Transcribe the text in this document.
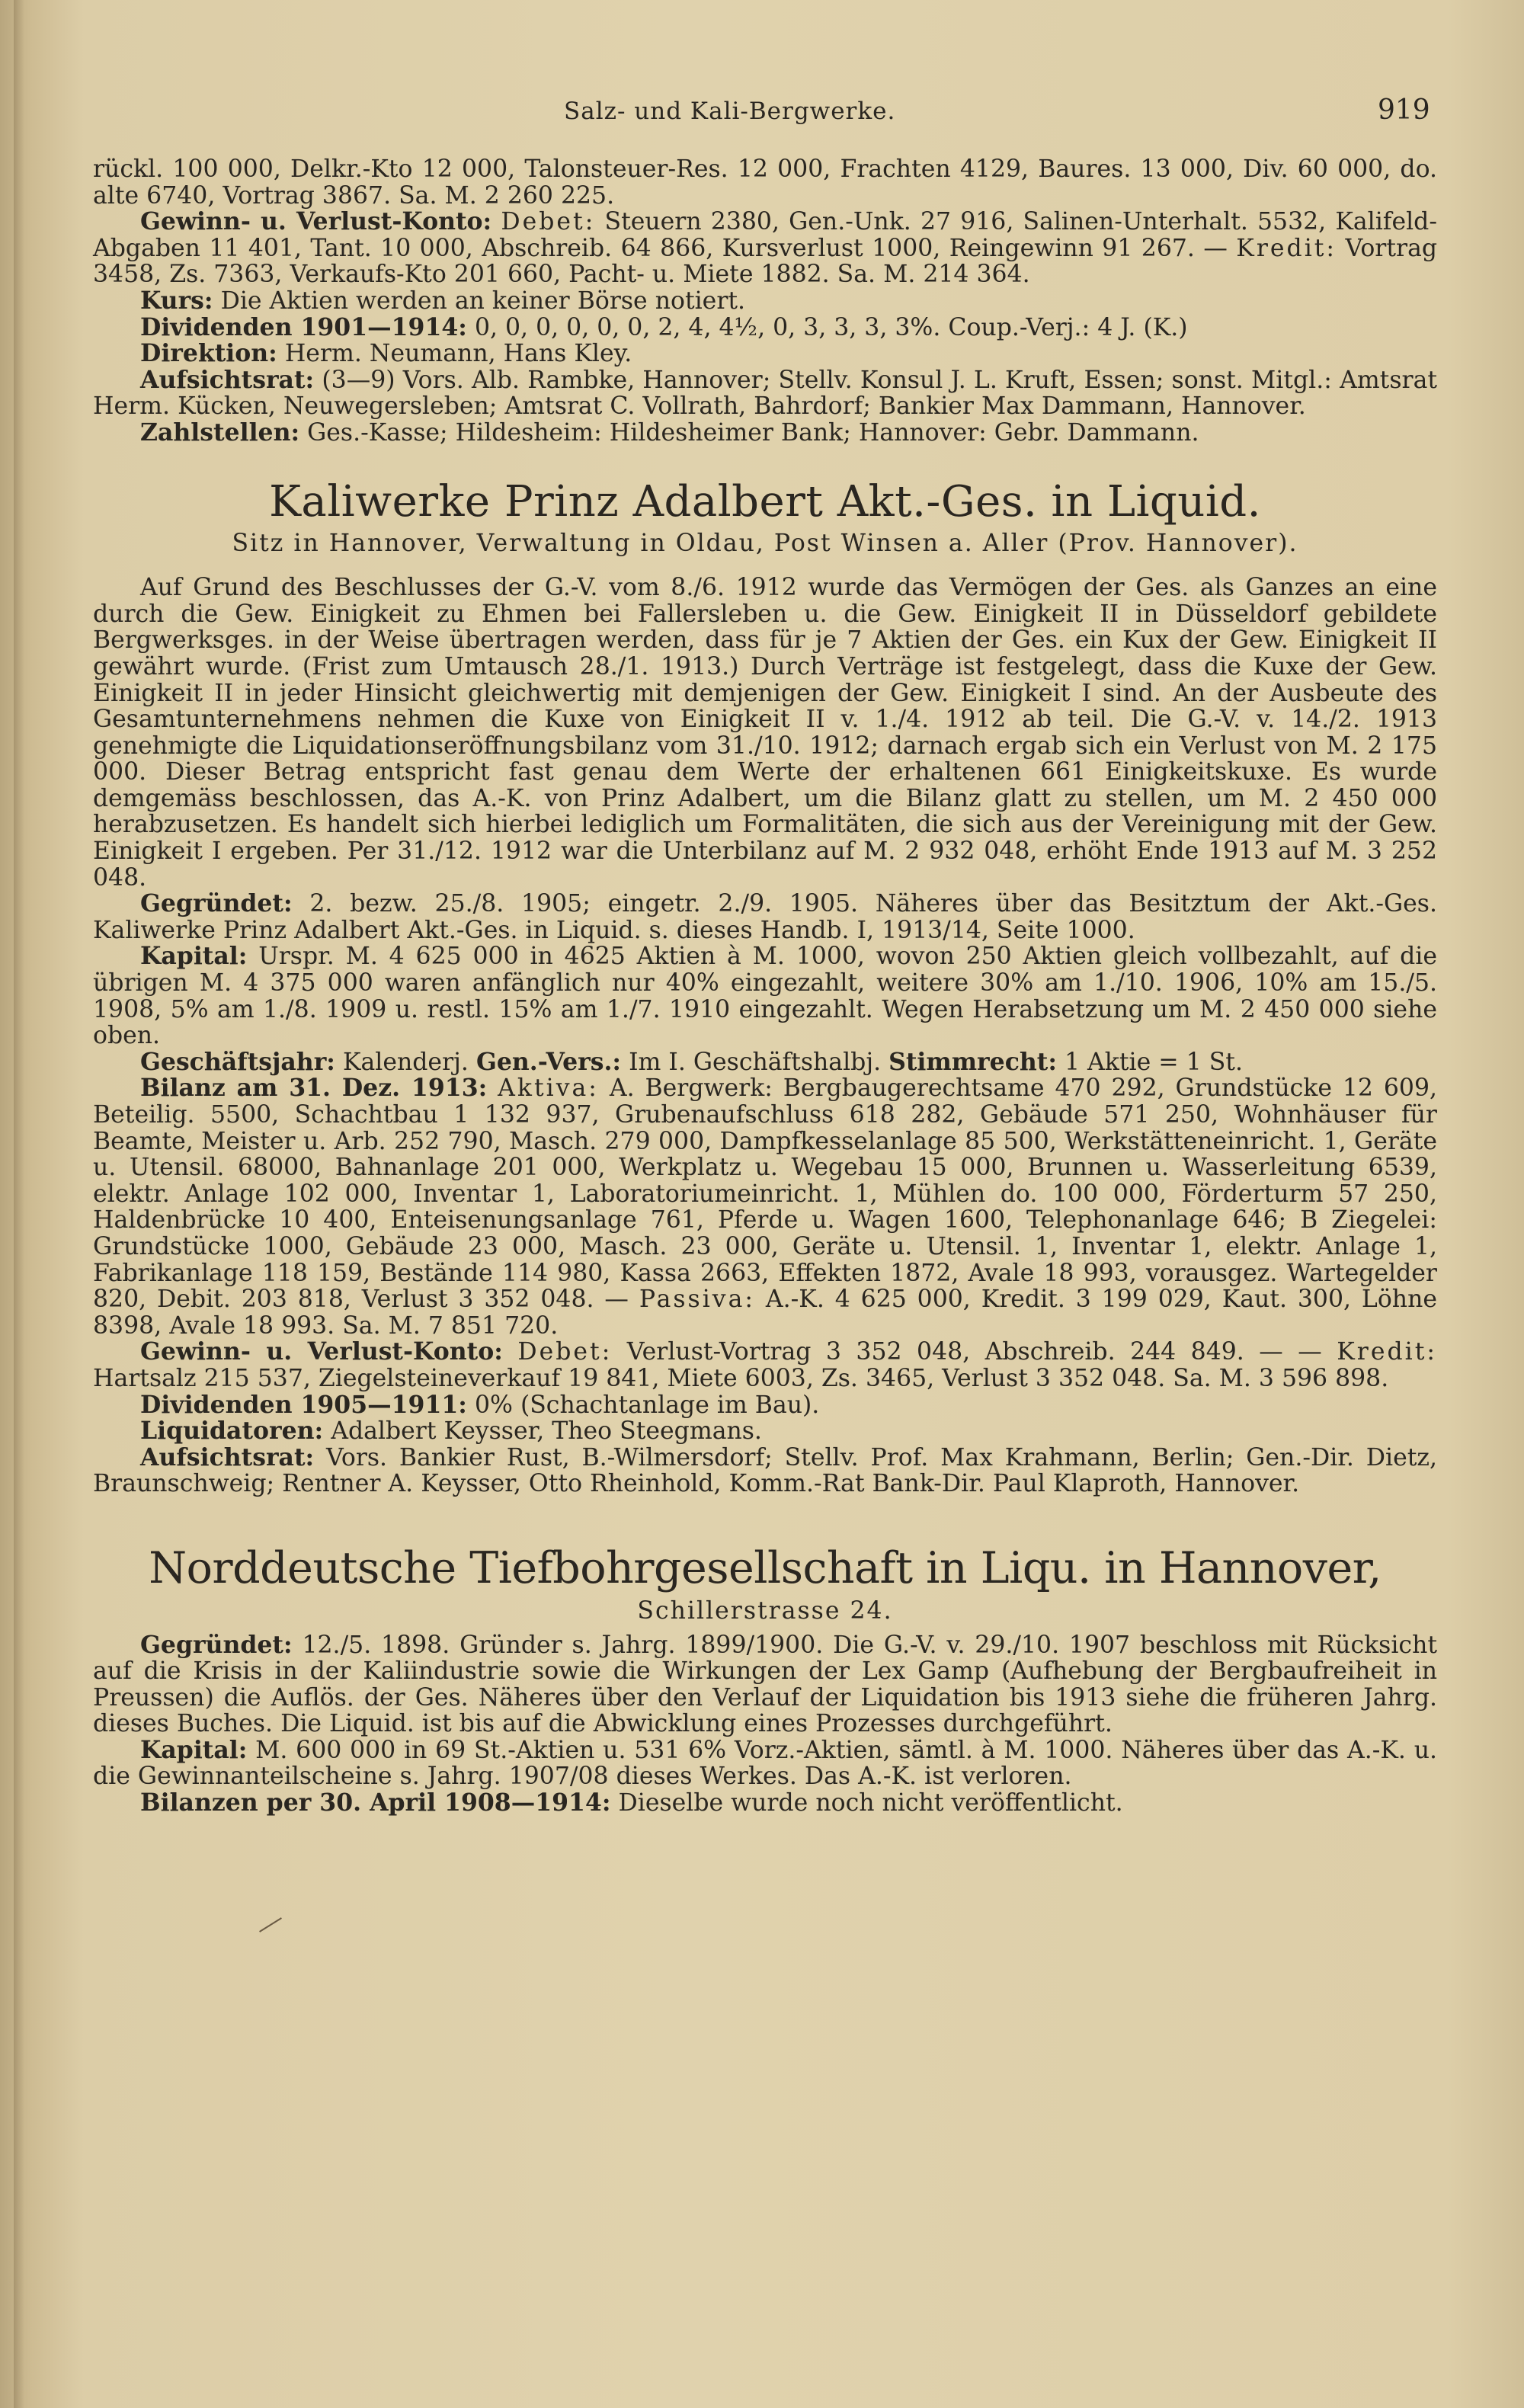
Salz- und Kali-Bergwerke.	919

rückl. 100 000, Delkr.-Kto 12 000, Talonsteuer-Res. 12 000, Frachten 4129, Baures. 13 000, Div. 60 000, do. alte 6740, Vortrag 3867. Sa. M. 2 260 225.

Gewinn- u. Verlust-Konto: Debet: Steuern 2380, Gen.-Unk. 27 916, Salinen-Unterhalt. 5532, Kalifeld-Abgaben 11 401, Tant. 10 000, Abschreib. 64 866, Kursverlust 1000, Reingewinn 91 267. — Kredit: Vortrag 3458, Zs. 7363, Verkaufs-Kto 201 660, Pacht- u. Miete 1882. Sa. M. 214 364.

Kurs: Die Aktien werden an keiner Börse notiert.

Dividenden 1901—1914: 0, 0, 0, 0, 0, 0, 2, 4, 4½, 0, 3, 3, 3, 3%. Coup.-Verj.: 4 J. (K.)

Direktion: Herm. Neumann, Hans Kley.

Aufsichtsrat: (3—9) Vors. Alb. Rambke, Hannover; Stellv. Konsul J. L. Kruft, Essen; sonst. Mitgl.: Amtsrat Herm. Kücken, Neuwegersleben; Amtsrat C. Vollrath, Bahrdorf; Bankier Max Dammann, Hannover.

Zahlstellen: Ges.-Kasse; Hildesheim: Hildesheimer Bank; Hannover: Gebr. Dammann.

Kaliwerke Prinz Adalbert Akt.-Ges. in Liquid.
Sitz in Hannover, Verwaltung in Oldau, Post Winsen a. Aller (Prov. Hannover).

Auf Grund des Beschlusses der G.-V. vom 8./6. 1912 wurde das Vermögen der Ges. als Ganzes an eine durch die Gew. Einigkeit zu Ehmen bei Fallersleben u. die Gew. Einigkeit II in Düsseldorf gebildete Bergwerksges. in der Weise übertragen werden, dass für je 7 Aktien der Ges. ein Kux der Gew. Einigkeit II gewährt wurde. (Frist zum Umtausch 28./1. 1913.) Durch Verträge ist festgelegt, dass die Kuxe der Gew. Einigkeit II in jeder Hinsicht gleichwertig mit demjenigen der Gew. Einigkeit I sind. An der Ausbeute des Gesamtunternehmens nehmen die Kuxe von Einigkeit II v. 1./4. 1912 ab teil. Die G.-V. v. 14./2. 1913 genehmigte die Liquidationseröffnungsbilanz vom 31./10. 1912; darnach ergab sich ein Verlust von M. 2 175 000. Dieser Betrag entspricht fast genau dem Werte der erhaltenen 661 Einigkeitskuxe. Es wurde demgemäss beschlossen, das A.-K. von Prinz Adalbert, um die Bilanz glatt zu stellen, um M. 2 450 000 herabzusetzen. Es handelt sich hierbei lediglich um Formalitäten, die sich aus der Vereinigung mit der Gew. Einigkeit I ergeben. Per 31./12. 1912 war die Unterbilanz auf M. 2 932 048, erhöht Ende 1913 auf M. 3 252 048.

Gegründet: 2. bezw. 25./8. 1905; eingetr. 2./9. 1905. Näheres über das Besitztum der Akt.-Ges. Kaliwerke Prinz Adalbert Akt.-Ges. in Liquid. s. dieses Handb. I, 1913/14, Seite 1000.

Kapital: Urspr. M. 4 625 000 in 4625 Aktien à M. 1000, wovon 250 Aktien gleich vollbezahlt, auf die übrigen M. 4 375 000 waren anfänglich nur 40% eingezahlt, weitere 30% am 1./10. 1906, 10% am 15./5. 1908, 5% am 1./8. 1909 u. restl. 15% am 1./7. 1910 eingezahlt. Wegen Herabsetzung um M. 2 450 000 siehe oben.

Geschäftsjahr: Kalenderj. Gen.-Vers.: Im I. Geschäftshalbj. Stimmrecht: 1 Aktie = 1 St.

Bilanz am 31. Dez. 1913: Aktiva: A. Bergwerk: Bergbaugerechtsame 470 292, Grundstücke 12 609, Beteilig. 5500, Schachtbau 1 132 937, Grubenaufschluss 618 282, Gebäude 571 250, Wohnhäuser für Beamte, Meister u. Arb. 252 790, Masch. 279 000, Dampfkesselanlage 85 500, Werkstätteneinricht. 1, Geräte u. Utensil. 68000, Bahnanlage 201 000, Werkplatz u. Wegebau 15 000, Brunnen u. Wasserleitung 6539, elektr. Anlage 102 000, Inventar 1, Laboratoriumeinricht. 1, Mühlen do. 100 000, Förderturm 57 250, Haldenbrücke 10 400, Enteisenungsanlage 761, Pferde u. Wagen 1600, Telephonanlage 646; B Ziegelei: Grundstücke 1000, Gebäude 23 000, Masch. 23 000, Geräte u. Utensil. 1, Inventar 1, elektr. Anlage 1, Fabrikanlage 118 159, Bestände 114 980, Kassa 2663, Effekten 1872, Avale 18 993, vorausgez. Wartegelder 820, Debit. 203 818, Verlust 3 352 048. — Passiva: A.-K. 4 625 000, Kredit. 3 199 029, Kaut. 300, Löhne 8398, Avale 18 993. Sa. M. 7 851 720.

Gewinn- u. Verlust-Konto: Debet: Verlust-Vortrag 3 352 048, Abschreib. 244 849. — — Kredit: Hartsalz 215 537, Ziegelsteineverkauf 19 841, Miete 6003, Zs. 3465, Verlust 3 352 048. Sa. M. 3 596 898.

Dividenden 1905—1911: 0% (Schachtanlage im Bau).

Liquidatoren: Adalbert Keysser, Theo Steegmans.

Aufsichtsrat: Vors. Bankier Rust, B.-Wilmersdorf; Stellv. Prof. Max Krahmann, Berlin; Gen.-Dir. Dietz, Braunschweig; Rentner A. Keysser, Otto Rheinhold, Komm.-Rat Bank-Dir. Paul Klaproth, Hannover.

Norddeutsche Tiefbohrgesellschaft in Liqu. in Hannover,
Schillerstrasse 24.

Gegründet: 12./5. 1898. Gründer s. Jahrg. 1899/1900. Die G.-V. v. 29./10. 1907 beschloss mit Rücksicht auf die Krisis in der Kaliindustrie sowie die Wirkungen der Lex Gamp (Aufhebung der Bergbaufreiheit in Preussen) die Auflös. der Ges. Näheres über den Verlauf der Liquidation bis 1913 siehe die früheren Jahrg. dieses Buches. Die Liquid. ist bis auf die Abwicklung eines Prozesses durchgeführt.

Kapital: M. 600 000 in 69 St.-Aktien u. 531 6% Vorz.-Aktien, sämtl. à M. 1000. Näheres über das A.-K. u. die Gewinnanteilscheine s. Jahrg. 1907/08 dieses Werkes. Das A.-K. ist verloren.

Bilanzen per 30. April 1908—1914: Dieselbe wurde noch nicht veröffentlicht.
